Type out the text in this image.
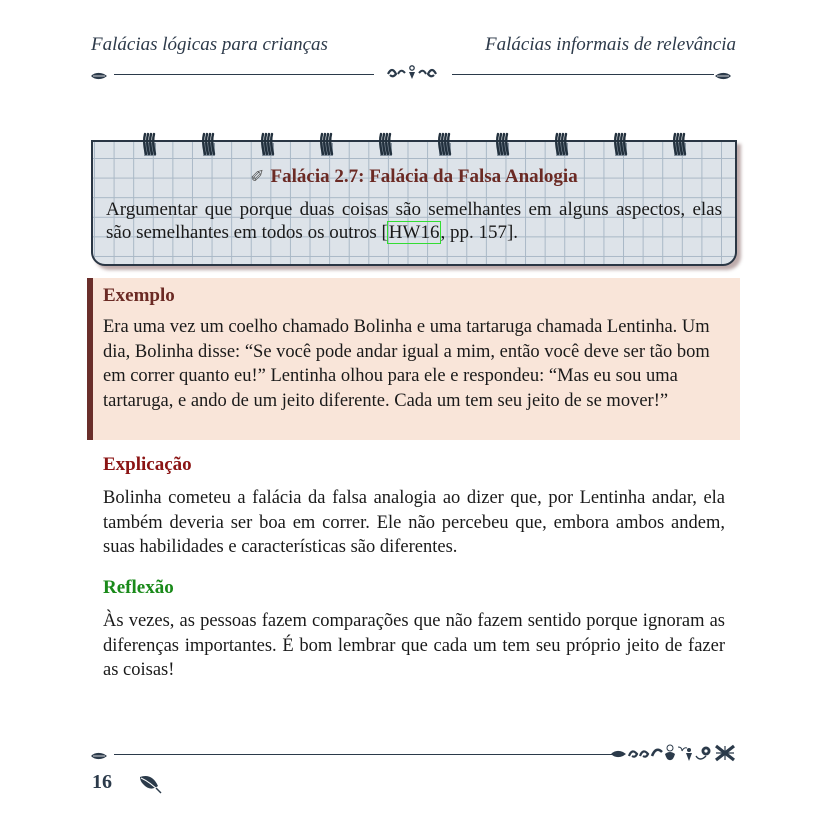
Falácias lógicas para crianças	Falácias informais de relevância
✐ Falácia 2.7: Falácia da Falsa Analogia
Argumentar que porque duas coisas são semelhantes em alguns aspectos, elas são semelhantes em todos os outros [HW16, pp. 157].
Exemplo

Era uma vez um coelho chamado Bolinha e uma tartaruga chamada Lentinha. Um dia, Bolinha disse: “Se você pode andar igual a mim, então você deve ser tão bom em correr quanto eu!” Lentinha olhou para ele e respondeu: “Mas eu sou uma tartaruga, e ando de um jeito diferente. Cada um tem seu jeito de se mover!”

Explicação

Bolinha cometeu a falácia da falsa analogia ao dizer que, por Lentinha andar, ela também deveria ser boa em correr. Ele não percebeu que, embora ambos andem, suas habilidades e características são diferentes.

Reflexão

Às vezes, as pessoas fazem comparações que não fazem sentido porque ignoram as diferenças importantes. É bom lembrar que cada um tem seu próprio jeito de fazer as coisas!

16
